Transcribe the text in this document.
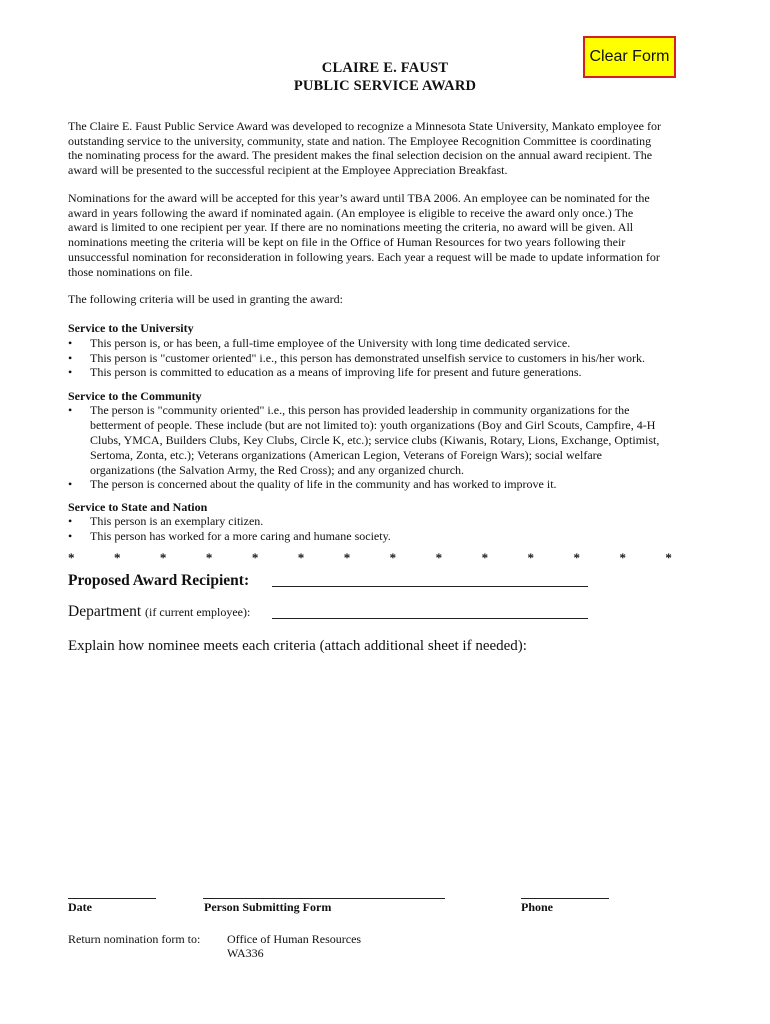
Clear Form
CLAIRE E. FAUST
PUBLIC SERVICE AWARD
The Claire E. Faust Public Service Award was developed to recognize a Minnesota State University, Mankato employee for
outstanding service to the university, community, state and nation. The Employee Recognition Committee is coordinating
the nominating process for the award. The president makes the final selection decision on the annual award recipient. The
award will be presented to the successful recipient at the Employee Appreciation Breakfast.
Nominations for the award will be accepted for this year’s award until TBA 2006. An employee can be nominated for the
award in years following the award if nominated again. (An employee is eligible to receive the award only once.) The
award is limited to one recipient per year. If there are no nominations meeting the criteria, no award will be given. All
nominations meeting the criteria will be kept on file in the Office of Human Resources for two years following their
unsuccessful nomination for reconsideration in following years. Each year a request will be made to update information for
those nominations on file.
The following criteria will be used in granting the award:
Service to the University
• This person is, or has been, a full-time employee of the University with long time dedicated service.
• This person is "customer oriented" i.e., this person has demonstrated unselfish service to customers in his/her work.
• This person is committed to education as a means of improving life for present and future generations.
Service to the Community
• The person is "community oriented" i.e., this person has provided leadership in community organizations for the
betterment of people. These include (but are not limited to): youth organizations (Boy and Girl Scouts, Campfire, 4-H
Clubs, YMCA, Builders Clubs, Key Clubs, Circle K, etc.); service clubs (Kiwanis, Rotary, Lions, Exchange, Optimist,
Sertoma, Zonta, etc.); Veterans organizations (American Legion, Veterans of Foreign Wars); social welfare
organizations (the Salvation Army, the Red Cross); and any organized church.
• The person is concerned about the quality of life in the community and has worked to improve it.
Service to State and Nation
• This person is an exemplary citizen.
• This person has worked for a more caring and humane society.
*	*	*	*	*	*	*	*	*	*	*	*	*	*
Proposed Award Recipient:
Department (if current employee):
Explain how nominee meets each criteria (attach additional sheet if needed):
Date	Person Submitting Form	Phone
Return nomination form to: Office of Human Resources
WA336
